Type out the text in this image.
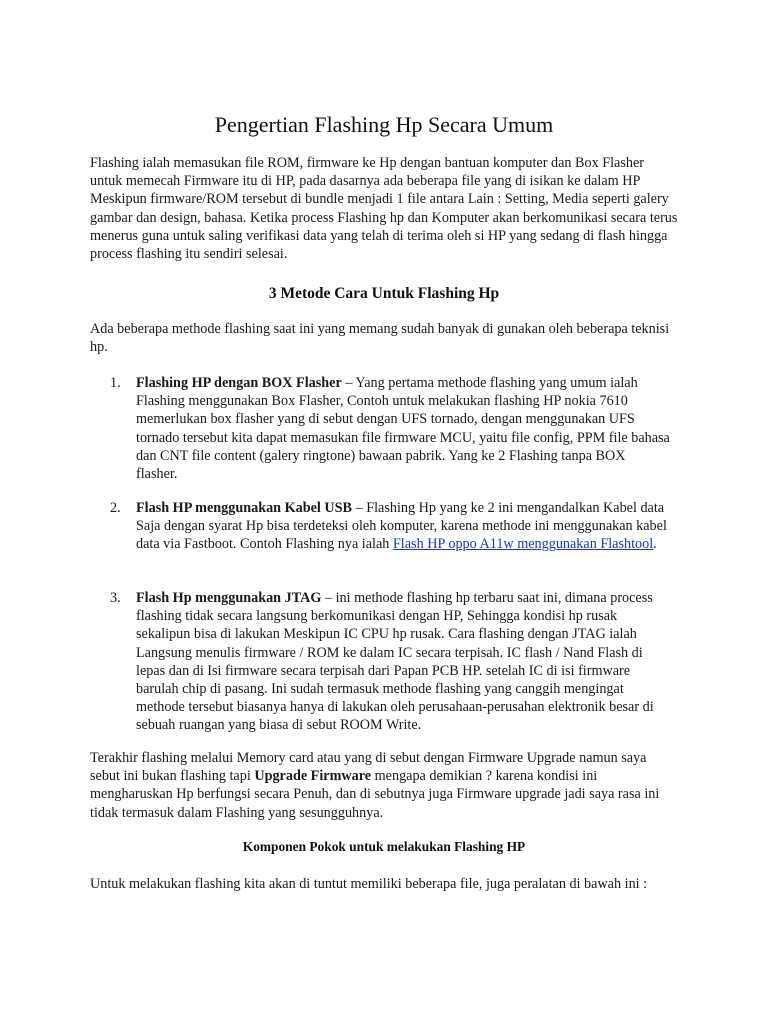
Pengertian Flashing Hp Secara Umum

Flashing ialah memasukan file ROM, firmware ke Hp dengan bantuan komputer dan Box Flasher untuk memecah Firmware itu di HP, pada dasarnya ada beberapa file yang di isikan ke dalam HP Meskipun firmware/ROM tersebut di bundle menjadi 1 file antara Lain : Setting, Media seperti galery gambar dan design, bahasa. Ketika process Flashing hp dan Komputer akan berkomunikasi secara terus menerus guna untuk saling verifikasi data yang telah di terima oleh si HP yang sedang di flash hingga process flashing itu sendiri selesai.

3 Metode Cara Untuk Flashing Hp

Ada beberapa methode flashing saat ini yang memang sudah banyak di gunakan oleh beberapa teknisi hp.

1.	Flashing HP dengan BOX Flasher – Yang pertama methode flashing yang umum ialah Flashing menggunakan Box Flasher, Contoh untuk melakukan flashing HP nokia 7610 memerlukan box flasher yang di sebut dengan UFS tornado, dengan menggunakan UFS tornado tersebut kita dapat memasukan file firmware MCU, yaitu file config, PPM file bahasa dan CNT file content (galery ringtone) bawaan pabrik. Yang ke 2 Flashing tanpa BOX flasher.
2.	Flash HP menggunakan Kabel USB – Flashing Hp yang ke 2 ini mengandalkan Kabel data Saja dengan syarat Hp bisa terdeteksi oleh komputer, karena methode ini menggunakan kabel data via Fastboot. Contoh Flashing nya ialah Flash HP oppo A11w menggunakan Flashtool.
3.	Flash Hp menggunakan JTAG – ini methode flashing hp terbaru saat ini, dimana process flashing tidak secara langsung berkomunikasi dengan HP, Sehingga kondisi hp rusak sekalipun bisa di lakukan Meskipun IC CPU hp rusak. Cara flashing dengan JTAG ialah Langsung menulis firmware / ROM ke dalam IC secara terpisah. IC flash / Nand Flash di lepas dan di Isi firmware secara terpisah dari Papan PCB HP. setelah IC di isi firmware barulah chip di pasang. Ini sudah termasuk methode flashing yang canggih mengingat methode tersebut biasanya hanya di lakukan oleh perusahaan-perusahan elektronik besar di sebuah ruangan yang biasa di sebut ROOM Write.

Terakhir flashing melalui Memory card atau yang di sebut dengan Firmware Upgrade namun saya sebut ini bukan flashing tapi Upgrade Firmware mengapa demikian ? karena kondisi ini mengharuskan Hp berfungsi secara Penuh, dan di sebutnya juga Firmware upgrade jadi saya rasa ini tidak termasuk dalam Flashing yang sesungguhnya.

Komponen Pokok untuk melakukan Flashing HP

Untuk melakukan flashing kita akan di tuntut memiliki beberapa file, juga peralatan di bawah ini :
